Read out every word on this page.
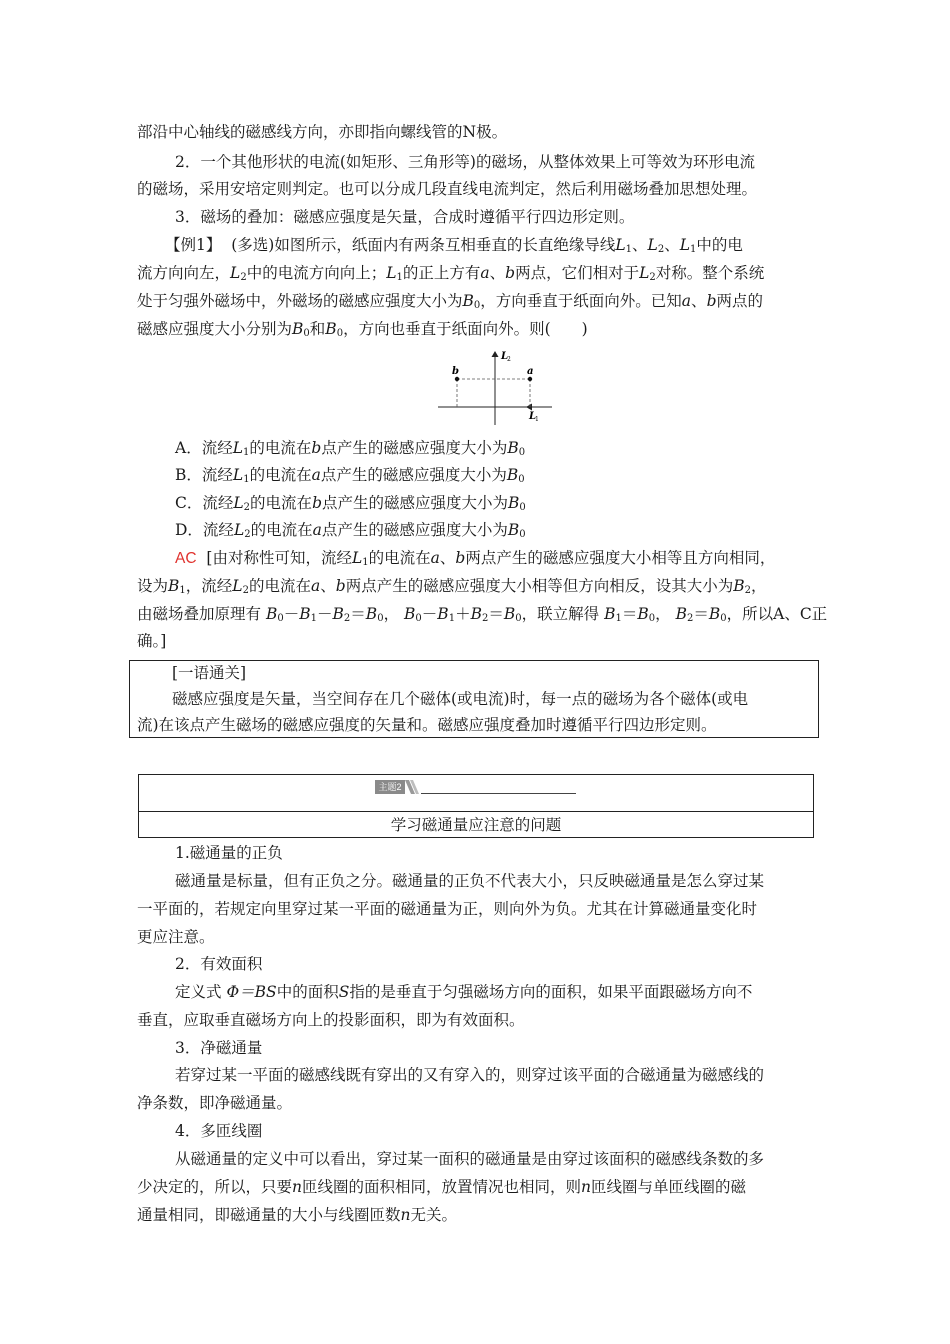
部沿中心轴线的磁感线方向，亦即指向螺线管的N极。
2．一个其他形状的电流(如矩形、三角形等)的磁场，从整体效果上可等效为环形电流
的磁场，采用安培定则判定。也可以分成几段直线电流判定，然后利用磁场叠加思想处理。
3．磁场的叠加：磁感应强度是矢量，合成时遵循平行四边形定则。
【例1】 (多选)如图所示，纸面内有两条互相垂直的长直绝缘导线$L_1$、$L_2$、$L_1$中的电
流方向向左，$L_2$中的电流方向向上；$L_1$的正上方有a、b两点，它们相对于$L_2$对称。整个系统
处于匀强外磁场中，外磁场的磁感应强度大小为$B_0$，方向垂直于纸面向外。已知a、b两点的
磁感应强度大小分别为$B_0$和$B_0$，方向也垂直于纸面向外。则(　　)
b	a
L
2
L
1
A．流经$L_1$的电流在b点产生的磁感应强度大小为$B_0$
B．流经$L_1$的电流在a点产生的磁感应强度大小为$B_0$
C．流经$L_2$的电流在b点产生的磁感应强度大小为$B_0$
D．流经$L_2$的电流在a点产生的磁感应强度大小为$B_0$
AC [由对称性可知，流经$L_1$的电流在a、b两点产生的磁感应强度大小相等且方向相同，
设为$B_1$，流经$L_2$的电流在a、b两点产生的磁感应强度大小相等但方向相反，设其大小为$B_2$，
由磁场叠加原理有 $B_0-B_1-B_2=B_0$， $B_0-B_1+B_2=B_0$，联立解得 $B_1=B_0$， $B_2=B_0$，所以A、C正
确。]
[一语通关]
磁感应强度是矢量，当空间存在几个磁体(或电流)时，每一点的磁场为各个磁体(或电
流)在该点产生磁场的磁感应强度的矢量和。磁感应强度叠加时遵循平行四边形定则。
主题2
学习磁通量应注意的问题
1.磁通量的正负
磁通量是标量，但有正负之分。磁通量的正负不代表大小，只反映磁通量是怎么穿过某
一平面的，若规定向里穿过某一平面的磁通量为正，则向外为负。尤其在计算磁通量变化时
更应注意。
2．有效面积
定义式 Φ＝BS中的面积S指的是垂直于匀强磁场方向的面积，如果平面跟磁场方向不
垂直，应取垂直磁场方向上的投影面积，即为有效面积。
3．净磁通量
若穿过某一平面的磁感线既有穿出的又有穿入的，则穿过该平面的合磁通量为磁感线的
净条数，即净磁通量。
4．多匝线圈
从磁通量的定义中可以看出，穿过某一面积的磁通量是由穿过该面积的磁感线条数的多
少决定的，所以，只要n匝线圈的面积相同，放置情况也相同，则n匝线圈与单匝线圈的磁
通量相同，即磁通量的大小与线圈匝数n无关。
